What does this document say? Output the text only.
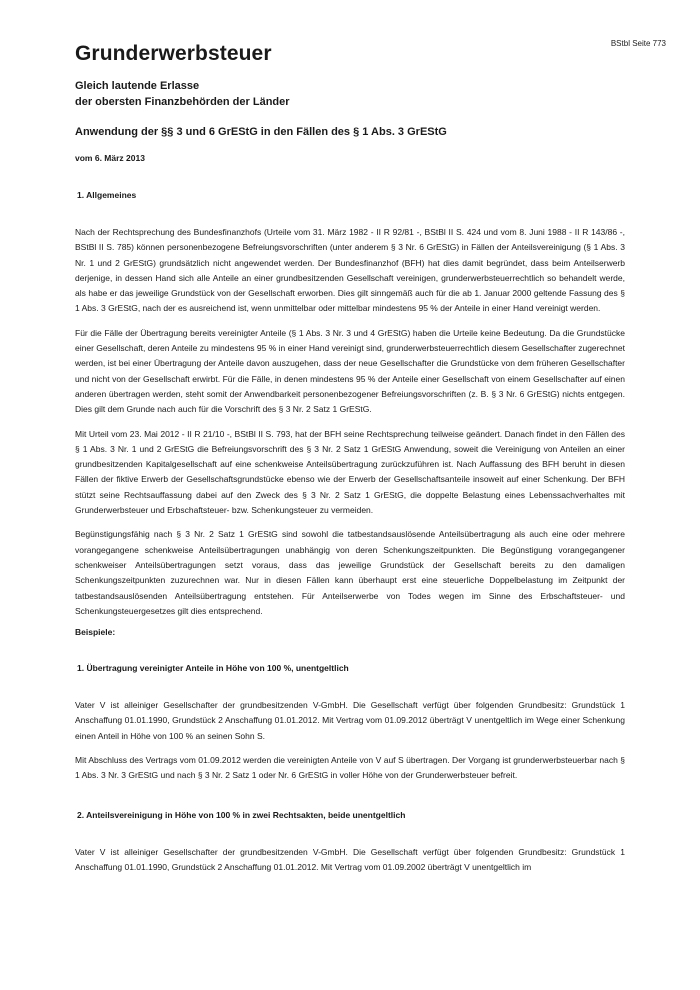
BStbl Seite 773
Grunderwerbsteuer
Gleich lautende Erlasse
der obersten Finanzbehörden der Länder
Anwendung der §§ 3 und 6 GrEStG in den Fällen des § 1 Abs. 3 GrEStG
vom 6. März 2013
1. Allgemeines

Nach der Rechtsprechung des Bundesfinanzhofs (Urteile vom 31. März 1982 - II R 92/81 -, BStBl II S. 424 und vom 8. Juni 1988 - II R 143/86 -, BStBl II S. 785) können personenbezogene Befreiungsvorschriften (unter anderem § 3 Nr. 6 GrEStG) in Fällen der Anteilsvereinigung (§ 1 Abs. 3 Nr. 1 und 2 GrEStG) grundsätzlich nicht angewendet werden. Der Bundesfinanzhof (BFH) hat dies damit begründet, dass beim Anteilserwerb derjenige, in dessen Hand sich alle Anteile an einer grundbesitzenden Gesellschaft vereinigen, grunderwerbsteuerrechtlich so behandelt werde, als habe er das jeweilige Grundstück von der Gesellschaft erworben. Dies gilt sinngemäß auch für die ab 1. Januar 2000 geltende Fassung des § 1 Abs. 3 GrEStG, nach der es ausreichend ist, wenn unmittelbar oder mittelbar mindestens 95 % der Anteile in einer Hand vereinigt werden.

Für die Fälle der Übertragung bereits vereinigter Anteile (§ 1 Abs. 3 Nr. 3 und 4 GrEStG) haben die Urteile keine Bedeutung. Da die Grundstücke einer Gesellschaft, deren Anteile zu mindestens 95 % in einer Hand vereinigt sind, grunderwerbsteuerrechtlich diesem Gesellschafter zugerechnet werden, ist bei einer Übertragung der Anteile davon auszugehen, dass der neue Gesellschafter die Grundstücke von dem früheren Gesellschafter und nicht von der Gesellschaft erwirbt. Für die Fälle, in denen mindestens 95 % der Anteile einer Gesellschaft von einem Gesellschafter auf einen anderen übertragen werden, steht somit der Anwendbarkeit personenbezogener Befreiungsvorschriften (z. B. § 3 Nr. 6 GrEStG) nichts entgegen. Dies gilt dem Grunde nach auch für die Vorschrift des § 3 Nr. 2 Satz 1 GrEStG.

Mit Urteil vom 23. Mai 2012 - II R 21/10 -, BStBl II S. 793, hat der BFH seine Rechtsprechung teilweise geändert. Danach findet in den Fällen des § 1 Abs. 3 Nr. 1 und 2 GrEStG die Befreiungsvorschrift des § 3 Nr. 2 Satz 1 GrEStG Anwendung, soweit die Vereinigung von Anteilen an einer grundbesitzenden Kapitalgesellschaft auf eine schenkweise Anteilsübertragung zurückzuführen ist. Nach Auffassung des BFH beruht in diesen Fällen der fiktive Erwerb der Gesellschaftsgrundstücke ebenso wie der Erwerb der Gesellschaftsanteile insoweit auf einer Schenkung. Der BFH stützt seine Rechtsauffassung dabei auf den Zweck des § 3 Nr. 2 Satz 1 GrEStG, die doppelte Belastung eines Lebenssachverhaltes mit Grunderwerbsteuer und Erbschaftsteuer- bzw. Schenkungsteuer zu vermeiden.

Begünstigungsfähig nach § 3 Nr. 2 Satz 1 GrEStG sind sowohl die tatbestandsauslösende Anteilsübertragung als auch eine oder mehrere vorangegangene schenkweise Anteilsübertragungen unabhängig von deren Schenkungszeitpunkten. Die Begünstigung vorangegangener schenkweiser Anteilsübertragungen setzt voraus, dass das jeweilige Grundstück der Gesellschaft bereits zu den damaligen Schenkungszeitpunkten zuzurechnen war. Nur in diesen Fällen kann überhaupt erst eine steuerliche Doppelbelastung im Zeitpunkt der tatbestandsauslösenden Anteilsübertragung entstehen. Für Anteilserwerbe von Todes wegen im Sinne des Erbschaftsteuer- und Schenkungsteuergesetzes gilt dies entsprechend.

Beispiele:
1. Übertragung vereinigter Anteile in Höhe von 100 %, unentgeltlich

Vater V ist alleiniger Gesellschafter der grundbesitzenden V-GmbH. Die Gesellschaft verfügt über folgenden Grundbesitz: Grundstück 1 Anschaffung 01.01.1990, Grundstück 2 Anschaffung 01.01.2012. Mit Vertrag vom 01.09.2012 überträgt V unentgeltlich im Wege einer Schenkung einen Anteil in Höhe von 100 % an seinen Sohn S.

Mit Abschluss des Vertrags vom 01.09.2012 werden die vereinigten Anteile von V auf S übertragen. Der Vorgang ist grunderwerbsteuerbar nach § 1 Abs. 3 Nr. 3 GrEStG und nach § 3 Nr. 2 Satz 1 oder Nr. 6 GrEStG in voller Höhe von der Grunderwerbsteuer befreit.

2. Anteilsvereinigung in Höhe von 100 % in zwei Rechtsakten, beide unentgeltlich

Vater V ist alleiniger Gesellschafter der grundbesitzenden V-GmbH. Die Gesellschaft verfügt über folgenden Grundbesitz: Grundstück 1 Anschaffung 01.01.1990, Grundstück 2 Anschaffung 01.01.2012. Mit Vertrag vom 01.09.2002 überträgt V unentgeltlich im
